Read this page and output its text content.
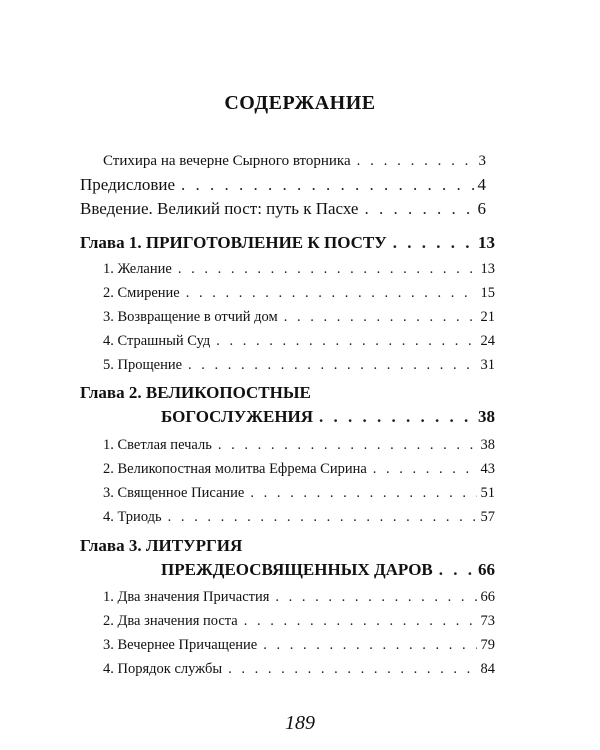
СОДЕРЖАНИЕ
Стихира на вечерне Сырного вторника . . .	3
Предисловие . . .	4
Введение. Великий пост: путь к Пасхе . . .	6
Глава 1. ПРИГОТОВЛЕНИЕ К ПОСТУ . . .	13
1. Желание . . .	13
2. Смирение . . .	15
3. Возвращение в отчий дом . . .	21
4. Страшный Суд . . .	24
5. Прощение . . .	31
Глава 2. ВЕЛИКОПОСТНЫЕ
БОГОСЛУЖЕНИЯ . . .	38
1. Светлая печаль . . .	38
2. Великопостная молитва Ефрема Сирина . . .	43
3. Священное Писание . . .	51
4. Триодь . . .	57
Глава 3. ЛИТУРГИЯ
ПРЕЖДЕОСВЯЩЕННЫХ ДАРОВ . . .	66
1. Два значения Причастия . . .	66
2. Два значения поста . . .	73
3. Вечернее Причащение . . .	79
4. Порядок службы . . .	84
189
